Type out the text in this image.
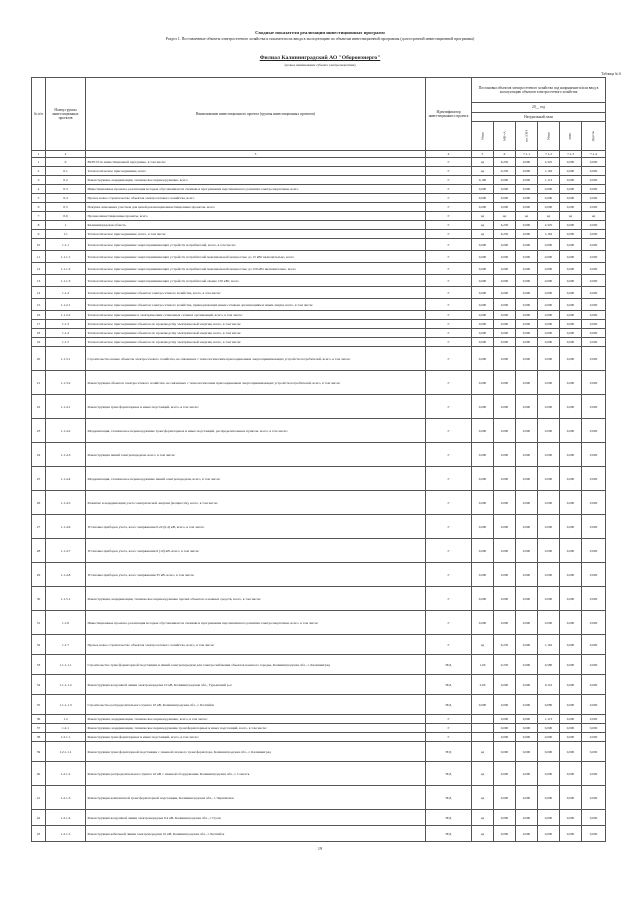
Сводные показатели реализации инвестиционных программ
Раздел 1. Поставленные объекты электросетевого хозяйства и показатели их ввода в эксплуатацию по объектам инвестиционной программы (долгосрочной инвестиционной программы)
Филиал Калининградский АО "Оборонэнерго"
(полное наименование субъекта электроэнергетики)
Таблица № 6
№ п/п	Номер группы инвестиционных проектов	Наименование инвестиционного проекта (группы инвестиционных проектов)	Идентификатор инвестиционного проекта	Постановка объектов электросетевого хозяйства под напряжение и/или ввод в эксплуатацию объектов электросетевого хозяйства						
				20__ год						
				Натуральный план						
				Мвар	МВ×А	км ЛЭП	Мвар	МВт	Другое	
1	2	3	4	5	6	7.1.1	7.1.2	7.1.3	7.1.4	
1	0	ВСЕГО по инвестиционной программе, в том числе:	Г	нд	6,250	0,000	2,325	0,000	0,000	
2	0.1	Технологическое присоединение, всего	Г	нд	0,250	0,000	1,162	0,000	0,000	
3	0.2	Реконструкция, модернизация, техническое перевооружение, всего	Г	0,100	0,000	0,000	1,113	0,000	0,000	
4	0.3	Инвестиционные проекты, реализация которых обуславливается схемами и программами перспективного развития электроэнергетики, всего	Г	0,000	0,000	0,000	0,000	0,000	0,000	
5	0.4	Прочее новое строительство объектов электросетевого хозяйства, всего	Г	0,000	0,000	0,000	0,000	0,000	0,000	
6	0.5	Покупка земельных участков для целей реализации инвестиционных проектов, всего	Г	0,000	0,000	0,000	0,000	0,000	0,000	
7	0.6	Прочие инвестиционные проекты, всего	Г	нд	нд	нд	нд	нд	нд	
8	1	Калининградская область	Г	нд	6,250	0,000	2,325	0,000	0,000	
9	1.1	Технологическое присоединение, всего, в том числе:	Г	нд	6,250	0,000	1,162	0,000	0,000	
10	1.1.1	Технологическое присоединение энергопринимающих устройств потребителей, всего, в том числе:	Г	0,000	0,000	0,000	0,000	0,000	0,000	
11	1.1.1.1	Технологическое присоединение энергопринимающих устройств потребителей максимальной мощностью до 15 кВт включительно, всего	Г	0,000	0,000	0,000	0,000	0,000	0,000	
12	1.1.1.2	Технологическое присоединение энергопринимающих устройств потребителей максимальной мощностью до 150 кВт включительно, всего	Г	0,000	0,000	0,000	0,000	0,000	0,000	
13	1.1.1.3	Технологическое присоединение энергопринимающих устройств потребителей свыше 150 кВт, всего	Г	0,000	0,000	0,000	0,000	0,000	0,000	
14	1.1.4	Технологическое присоединение объектов электросетевого хозяйства, всего, в том числе:	Г	0,000	0,000	0,000	0,000	0,000	0,000	
15	1.1.2.1	Технологическое присоединение объектов электросетевого хозяйства, принадлежащих иным сетевым организациям и иным лицам, всего, в том числе:	Г	0,000	0,000	0,000	0,000	0,000	0,000	
16	1.1.2.2	Технологическое присоединение к электрическим сетям иных сетевых организаций, всего, в том числе:	Г	0,000	0,000	0,000	0,000	0,000	0,000	
17	1.1.3	Технологическое присоединение объектов по производству электрической энергии, всего, в том числе:	Г	0,000	0,000	0,000	0,000	0,000	0,000	
18	1.1.4	Технологическое присоединение объектов по производству электрической энергии, всего, в том числе:	Г	0,000	0,000	0,000	0,000	0,000	0,000	
19	1.1.5	Технологическое присоединение объектов по производству электрической энергии, всего, в том числе:	Г	0,000	0,000	0,000	0,000	0,000	0,000	
20	1.1.3.1	Строительство новых объектов электросетевого хозяйства, не связанных с технологическим присоединением энергопринимающих устройств потребителей, всего, в том числе:	Г	0,000	0,000	0,000	0,000	0,000	0,000	
21	1.1.3.2	Реконструкция объектов электросетевого хозяйства, не связанных с технологическим присоединением энергопринимающих устройств потребителей, всего, в том числе:	Г	0,000	0,000	0,000	0,000	0,000	0,000	
22	1.1.4.1	Реконструкция трансформаторных и иных подстанций, всего, в том числе:	Г	0,000	0,000	0,000	0,000	0,000	0,000	
23	1.1.4.2	Модернизация, техническое перевооружение трансформаторных и иных подстанций, распределительных пунктов, всего, в том числе:	Г	0,000	0,000	0,000	0,000	0,000	0,000	
24	1.1.4.3	Реконструкция линий электропередачи, всего, в том числе:	Г	0,000	0,000	0,000	0,000	0,000	0,000	
25	1.1.4.4	Модернизация, техническое перевооружение линий электропередачи, всего, в том числе:	Г	0,000	0,000	0,000	0,000	0,000	0,000	
26	1.1.4.5	Развитие и модернизация учета электрической энергии (мощности), всего, в том числе:	Г	0,000	0,000	0,000	0,000	0,000	0,000	
27	1.1.4.6	Установка приборов учета, класс напряжения 0,22 (0,4) кВ, всего, в том числе:	Г	0,000	0,000	0,000	0,000	0,000	0,000	
28	1.1.4.7	Установка приборов учета, класс напряжения 6 (10) кВ, всего, в том числе:	Г	0,000	0,000	0,000	0,000	0,000	0,000	
29	1.1.4.8	Установка приборов учета, класс напряжения 35 кВ, всего, в том числе:	Г	0,000	0,000	0,000	0,000	0,000	0,000	
30	1.1.5.1	Реконструкция, модернизация, техническое перевооружение прочих объектов основных средств, всего, в том числе:	Г	0,000	0,000	0,000	0,000	0,000	0,000	
31	1.1.6	Инвестиционные проекты, реализация которых обуславливается схемами и программами перспективного развития электроэнергетики, всего, в том числе:	Г	0,000	0,000	0,000	0,000	0,000	0,000	
32	1.1.7	Прочее новое строительство объектов электросетевого хозяйства, всего, в том числе:	Г	нд	6,250	0,000	1,162	0,000	0,000	
33	1.1.1.1.1	Строительство трансформаторной подстанции и линий электропередачи для электроснабжения объектов военного городка, Калининградская обл., г. Калининград	Н/Д	1,00	0,250	0,000	0,580	0,000	0,000	
34	1.1.1.1.2	Реконструкция воздушной линии электропередачи 10 кВ, Калининградская обл., Гурьевский р-н	Н/Д	2,00	0,000	0,000	0,116	0,000	0,000	
35	1.1.1.1.3	Строительство распределительного пункта 10 кВ, Калининградская обл., г. Балтийск	Н/Д	0,000	0,000	0,000	0,080	0,000	0,000	
36	1.2	Реконструкция, модернизация, техническое перевооружение, всего, в том числе:	Г		0,000	0,000	1,113	0,000	0,000	
37	1.2.1	Реконструкция, модернизация, техническое перевооружение трансформаторных и иных подстанций, всего, в том числе:	Г		0,000	0,000	0,000	0,000	0,000	
38	1.2.1.1	Реконструкция трансформаторных и иных подстанций, всего, в том числе:	Г		0,000	0,000	0,000	0,000	0,000	
39	1.2.1.1.1	Реконструкция трансформаторной подстанции с заменой силового трансформатора, Калининградская обл., г. Калининград	Н/Д	нд	0,000	0,000	0,000	0,000	0,000	
40	1.2.1.2	Реконструкция распределительного пункта 10 кВ с заменой оборудования, Калининградская обл., г. Советск	Н/Д	нд	0,000	0,000	0,000	0,000	0,000	
41	1.2.1.3	Реконструкция комплектной трансформаторной подстанции, Калининградская обл., г. Черняховск	Н/Д	нд	0,000	0,000	0,000	0,000	0,000	
42	1.2.1.4	Реконструкция воздушной линии электропередачи 0,4 кВ, Калининградская обл., г. Гусев	Н/Д	нд	0,000	0,000	0,000	0,000	0,000	
43	1.2.1.5	Реконструкция кабельной линии электропередачи 10 кВ, Калининградская обл., г. Балтийск	Н/Д	нд	0,000	0,000	0,000	0,000	0,000	
19
